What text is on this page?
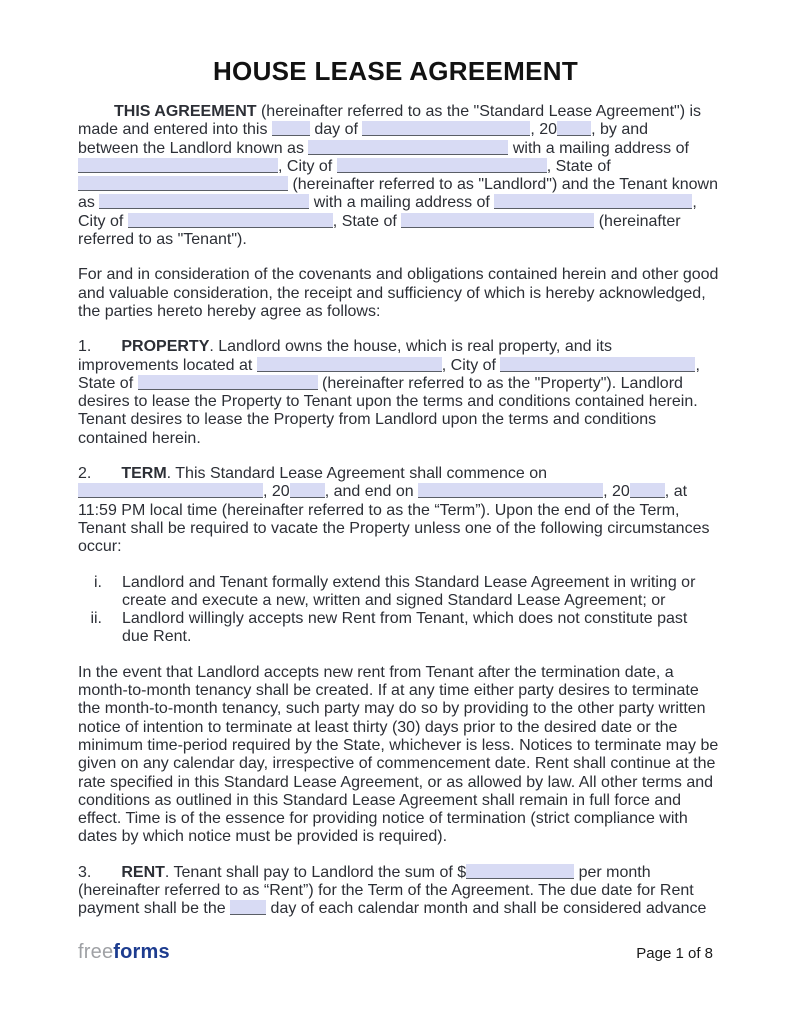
HOUSE LEASE AGREEMENT
THIS AGREEMENT (hereinafter referred to as the "Standard Lease Agreement") is
made and entered into this  day of	, 20 , by and
between the Landlord known as	with a mailing address of
, City of	, State of
(hereinafter referred to as "Landlord") and the Tenant known
as	with a mailing address of	,
City of	, State of	(hereinafter
referred to as "Tenant").
For and in consideration of the covenants and obligations contained herein and other good
and valuable consideration, the receipt and sufficiency of which is hereby acknowledged,
the parties hereto hereby agree as follows:
1. PROPERTY. Landlord owns the house, which is real property, and its
improvements located at	, City of	,
State of	(hereinafter referred to as the "Property"). Landlord
desires to lease the Property to Tenant upon the terms and conditions contained herein.
Tenant desires to lease the Property from Landlord upon the terms and conditions
contained herein.
2. TERM. This Standard Lease Agreement shall commence on
, 20 , and end on	, 20 , at
11:59 PM local time (hereinafter referred to as the “Term”). Upon the end of the Term,
Tenant shall be required to vacate the Property unless one of the following circumstances
occur:
i. Landlord and Tenant formally extend this Standard Lease Agreement in writing or
create and execute a new, written and signed Standard Lease Agreement; or
ii. Landlord willingly accepts new Rent from Tenant, which does not constitute past
due Rent.
In the event that Landlord accepts new rent from Tenant after the termination date, a
month-to-month tenancy shall be created. If at any time either party desires to terminate
the month-to-month tenancy, such party may do so by providing to the other party written
notice of intention to terminate at least thirty (30) days prior to the desired date or the
minimum time-period required by the State, whichever is less. Notices to terminate may be
given on any calendar day, irrespective of commencement date. Rent shall continue at the
rate specified in this Standard Lease Agreement, or as allowed by law. All other terms and
conditions as outlined in this Standard Lease Agreement shall remain in full force and
effect. Time is of the essence for providing notice of termination (strict compliance with
dates by which notice must be provided is required).
3. RENT. Tenant shall pay to Landlord the sum of $	per month
(hereinafter referred to as “Rent”) for the Term of the Agreement. The due date for Rent
payment shall be the  day of each calendar month and shall be considered advance
freeforms	Page 1 of 8
